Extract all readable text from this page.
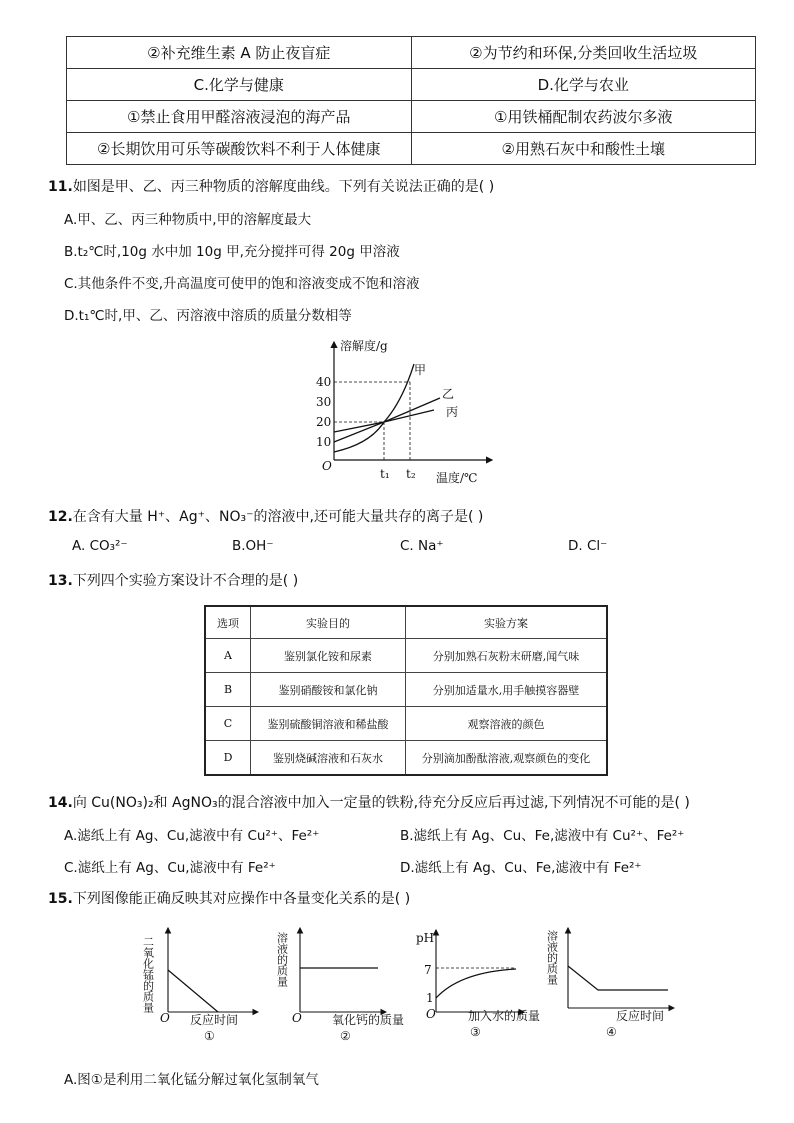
②补充维生素 A 防止夜盲症	②为节约和环保,分类回收生活垃圾
C.化学与健康	D.化学与农业
①禁止食用甲醛溶液浸泡的海产品	①用铁桶配制农药波尔多液
②长期饮用可乐等碳酸饮料不利于人体健康	②用熟石灰中和酸性土壤
11.如图是甲、乙、丙三种物质的溶解度曲线。下列有关说法正确的是( )
A.甲、乙、丙三种物质中,甲的溶解度最大
B.t₂℃时,10g 水中加 10g 甲,充分搅拌可得 20g 甲溶液
C.其他条件不变,升高温度可使甲的饱和溶液变成不饱和溶液
D.t₁℃时,甲、乙、丙溶液中溶质的质量分数相等
溶解度/g
温度/℃
40
30
20
10
O
t₁ t₂
甲
乙
丙
12.在含有大量 H⁺、Ag⁺、NO₃⁻的溶液中,还可能大量共存的离子是( )
A. CO₃²⁻	B.OH⁻	C. Na⁺	D. Cl⁻
13.下列四个实验方案设计不合理的是( )
选项	实验目的	实验方案
A	鉴别氯化铵和尿素	分别加熟石灰粉末研磨,闻气味
B	鉴别硝酸铵和氯化钠	分别加适量水,用手触摸容器壁
C	鉴别硫酸铜溶液和稀盐酸	观察溶液的颜色
D	鉴别烧碱溶液和石灰水	分别滴加酚酞溶液,观察颜色的变化
14.向 Cu(NO₃)₂和 AgNO₃的混合溶液中加入一定量的铁粉,待充分反应后再过滤,下列情况不可能的是( )
A.滤纸上有 Ag、Cu,滤液中有 Cu²⁺、Fe²⁺	B.滤纸上有 Ag、Cu、Fe,滤液中有 Cu²⁺、Fe²⁺
C.滤纸上有 Ag、Cu,滤液中有 Fe²⁺	D.滤纸上有 Ag、Cu、Fe,滤液中有 Fe²⁺
15.下列图像能正确反映其对应操作中各量变化关系的是( )
二氧化锰的质量
O 反应时间
①
溶液的质量
O	氧化钙的质量
②
pH
7
1
O	加入水的质量
③
溶液的质量
反应时间
④
A.图①是利用二氧化锰分解过氧化氢制氧气
